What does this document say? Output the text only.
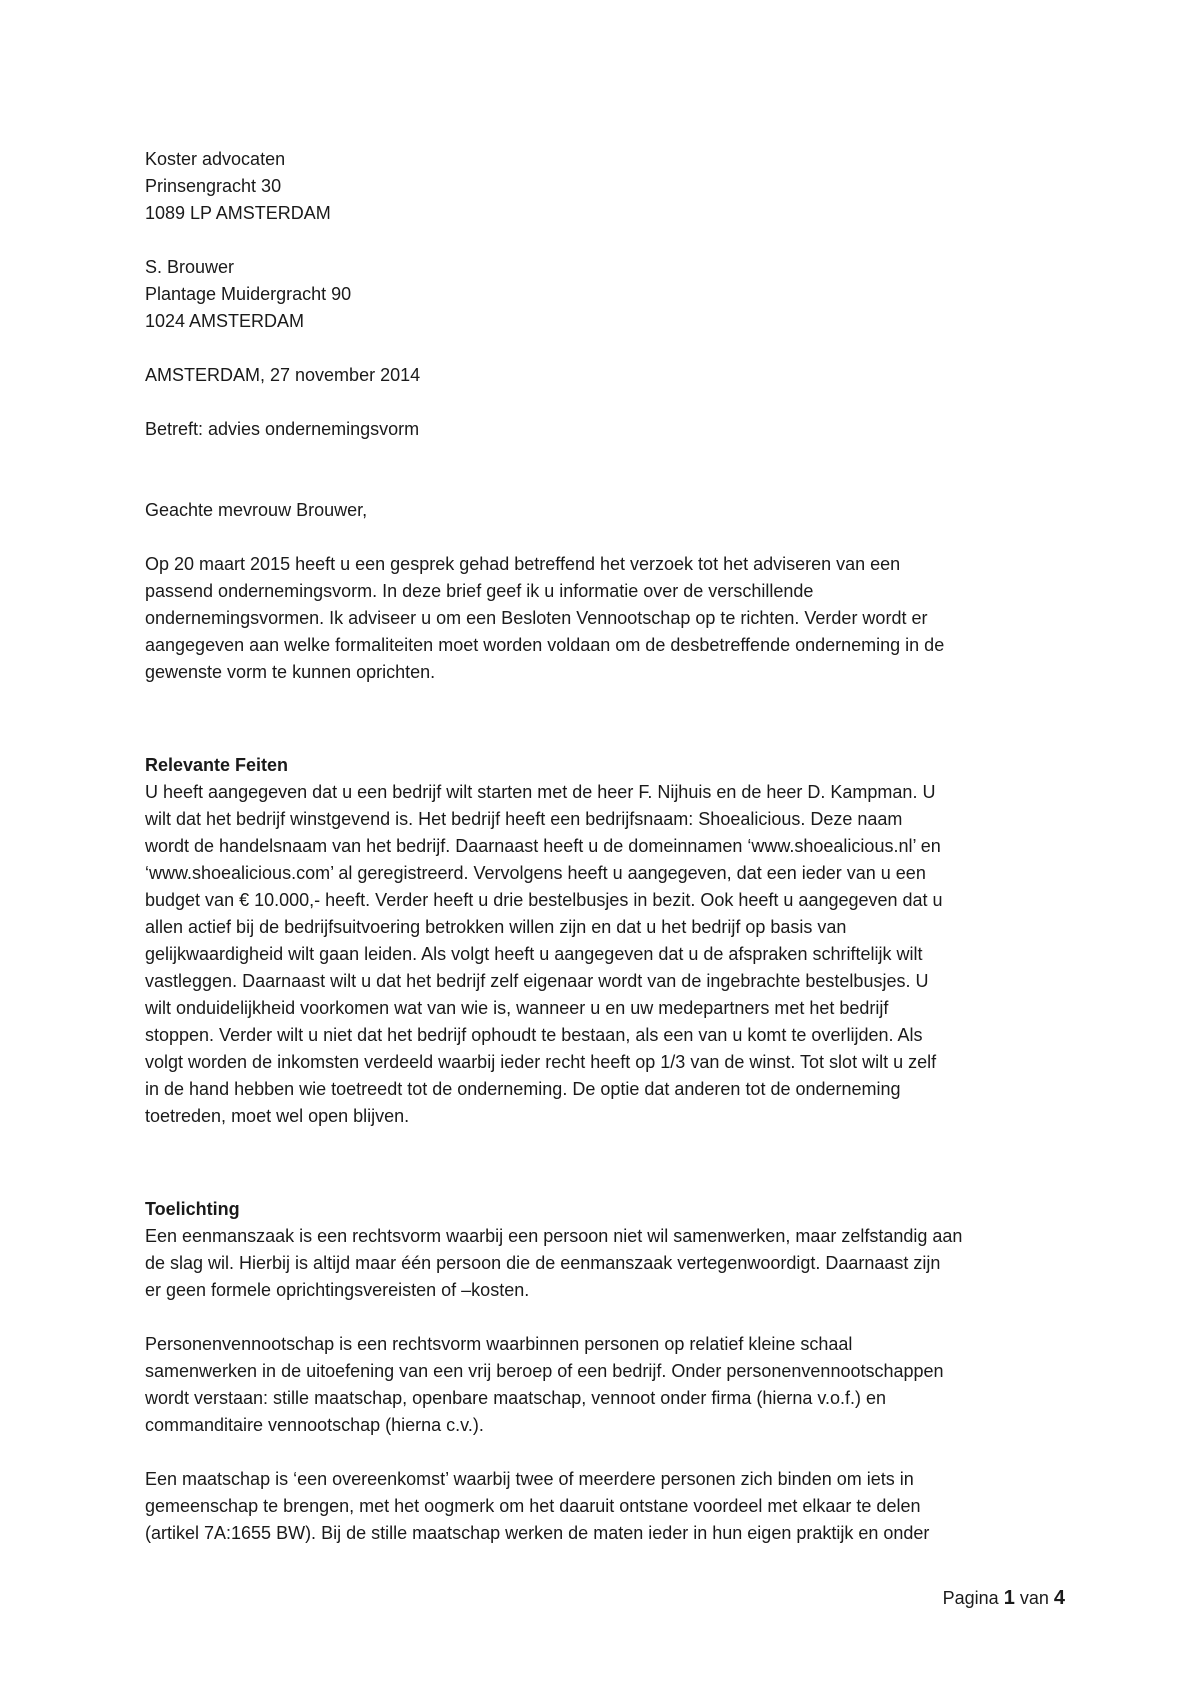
Koster advocaten
Prinsengracht 30
1089 LP AMSTERDAM
S. Brouwer
Plantage Muidergracht 90
1024 AMSTERDAM
AMSTERDAM, 27 november 2014
Betreft: advies ondernemingsvorm
Geachte mevrouw Brouwer,
Op 20 maart 2015 heeft u een gesprek gehad betreffend het verzoek tot het adviseren van een
passend ondernemingsvorm. In deze brief geef ik u informatie over de verschillende
ondernemingsvormen. Ik adviseer u om een Besloten Vennootschap op te richten. Verder wordt er
aangegeven aan welke formaliteiten moet worden voldaan om de desbetreffende onderneming in de
gewenste vorm te kunnen oprichten.
Relevante Feiten
U heeft aangegeven dat u een bedrijf wilt starten met de heer F. Nijhuis en de heer D. Kampman. U
wilt dat het bedrijf winstgevend is. Het bedrijf heeft een bedrijfsnaam: Shoealicious. Deze naam
wordt de handelsnaam van het bedrijf. Daarnaast heeft u de domeinnamen ‘www.shoealicious.nl’ en
‘www.shoealicious.com’ al geregistreerd. Vervolgens heeft u aangegeven, dat een ieder van u een
budget van € 10.000,- heeft. Verder heeft u drie bestelbusjes in bezit. Ook heeft u aangegeven dat u
allen actief bij de bedrijfsuitvoering betrokken willen zijn en dat u het bedrijf op basis van
gelijkwaardigheid wilt gaan leiden. Als volgt heeft u aangegeven dat u de afspraken schriftelijk wilt
vastleggen. Daarnaast wilt u dat het bedrijf zelf eigenaar wordt van de ingebrachte bestelbusjes. U
wilt onduidelijkheid voorkomen wat van wie is, wanneer u en uw medepartners met het bedrijf
stoppen. Verder wilt u niet dat het bedrijf ophoudt te bestaan, als een van u komt te overlijden. Als
volgt worden de inkomsten verdeeld waarbij ieder recht heeft op 1/3 van de winst. Tot slot wilt u zelf
in de hand hebben wie toetreedt tot de onderneming. De optie dat anderen tot de onderneming
toetreden, moet wel open blijven.
Toelichting
Een eenmanszaak is een rechtsvorm waarbij een persoon niet wil samenwerken, maar zelfstandig aan
de slag wil. Hierbij is altijd maar één persoon die de eenmanszaak vertegenwoordigt. Daarnaast zijn
er geen formele oprichtingsvereisten of –kosten.
Personenvennootschap is een rechtsvorm waarbinnen personen op relatief kleine schaal
samenwerken in de uitoefening van een vrij beroep of een bedrijf. Onder personenvennootschappen
wordt verstaan: stille maatschap, openbare maatschap, vennoot onder firma (hierna v.o.f.) en
commanditaire vennootschap (hierna c.v.).
Een maatschap is ‘een overeenkomst’ waarbij twee of meerdere personen zich binden om iets in
gemeenschap te brengen, met het oogmerk om het daaruit ontstane voordeel met elkaar te delen
(artikel 7A:1655 BW). Bij de stille maatschap werken de maten ieder in hun eigen praktijk en onder
Pagina 1 van 4
